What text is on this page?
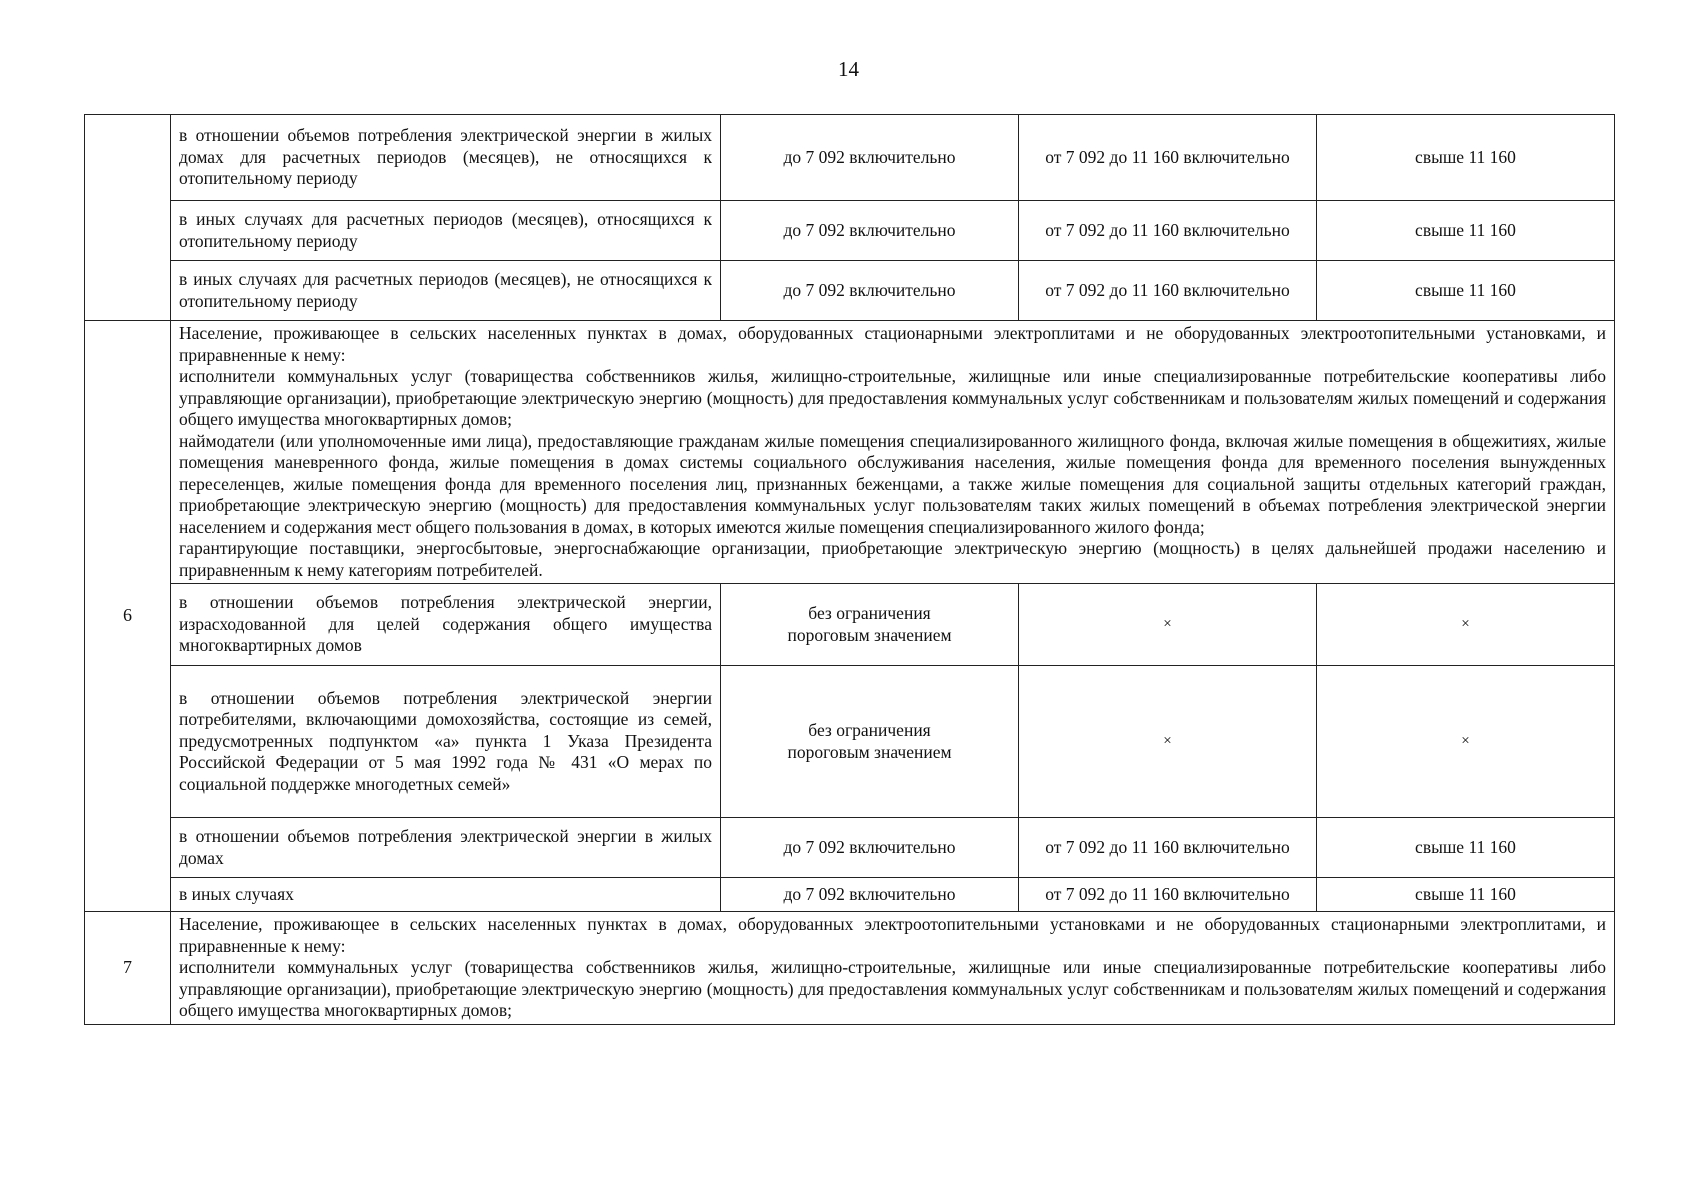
14
	в отношении объемов потребления электрической энергии в жилых домах для расчетных периодов (месяцев), не относящихся к отопительному периоду	до 7 092 включительно	от 7 092 до 11 160 включительно	свыше 11 160
	в иных случаях для расчетных периодов (месяцев), относящихся к отопительному периоду	до 7 092 включительно	от 7 092 до 11 160 включительно	свыше 11 160
	в иных случаях для расчетных периодов (месяцев), не относящихся к отопительному периоду	до 7 092 включительно	от 7 092 до 11 160 включительно	свыше 11 160
6	Население, проживающее в сельских населенных пунктах в домах, оборудованных стационарными электроплитами и не оборудованных электроотопительными установками, и приравненные к нему:

исполнители коммунальных услуг (товарищества собственников жилья, жилищно-строительные, жилищные или иные специализированные потребительские кооперативы либо управляющие организации), приобретающие электрическую энергию (мощность) для предоставления коммунальных услуг собственникам и пользователям жилых помещений и содержания общего имущества многоквартирных домов;

наймодатели (или уполномоченные ими лица), предоставляющие гражданам жилые помещения специализированного жилищного фонда, включая жилые помещения в общежитиях, жилые помещения маневренного фонда, жилые помещения в домах системы социального обслуживания населения, жилые помещения фонда для временного поселения вынужденных переселенцев, жилые помещения фонда для временного поселения лиц, признанных беженцами, а также жилые помещения для социальной защиты отдельных категорий граждан, приобретающие электрическую энергию (мощность) для предоставления коммунальных услуг пользователям таких жилых помещений в объемах потребления электрической энергии населением и содержания мест общего пользования в домах, в которых имеются жилые помещения специализированного жилого фонда;

гарантирующие поставщики, энергосбытовые, энергоснабжающие организации, приобретающие электрическую энергию (мощность) в целях дальнейшей продажи населению и приравненным к нему категориям потребителей.			

	в отношении объемов потребления электрической энергии, израсходованной для целей содержания общего имущества многоквартирных домов	без ограничения
пороговым значением	×	×
	в отношении объемов потребления электрической энергии потребителями, включающими домохозяйства, состоящие из семей, предусмотренных подпунктом «а» пункта 1 Указа Президента Российской Федерации от 5 мая 1992 года № 431 «О мерах по социальной поддержке многодетных семей»	без ограничения
пороговым значением	×	×
	в отношении объемов потребления электрической энергии в жилых домах	до 7 092 включительно	от 7 092 до 11 160 включительно	свыше 11 160
	в иных случаях	до 7 092 включительно	от 7 092 до 11 160 включительно	свыше 11 160
7	Население, проживающее в сельских населенных пунктах в домах, оборудованных электроотопительными установками и не оборудованных стационарными электроплитами, и приравненные к нему:

исполнители коммунальных услуг (товарищества собственников жилья, жилищно-строительные, жилищные или иные специализированные потребительские кооперативы либо управляющие организации), приобретающие электрическую энергию (мощность) для предоставления коммунальных услуг собственникам и пользователям жилых помещений и содержания общего имущества многоквартирных домов;			
